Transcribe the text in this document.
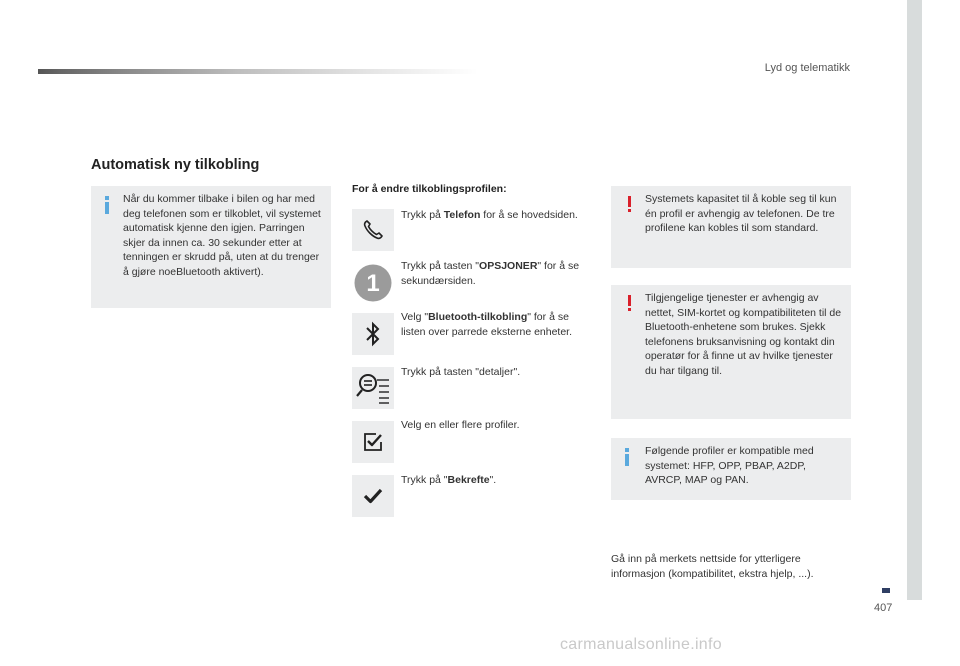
Lyd og telematikk
Automatisk ny tilkobling

Når du kommer tilbake i bilen og har med deg telefonen som er tilkoblet, vil systemet automatisk kjenne den igjen. Parringen skjer da innen ca. 30 sekunder etter at tenningen er skrudd på, uten at du trenger å gjøre noeBluetooth aktivert).

For å endre tilkoblingsprofilen:
Trykk på Telefon for å se hovedsiden.
1
Trykk på tasten "OPSJONER" for å se sekundærsiden.
Velg "Bluetooth-tilkobling" for å se listen over parrede eksterne enheter.
Trykk på tasten "detaljer".
Velg en eller flere profiler.
Trykk på "Bekrefte".

Systemets kapasitet til å koble seg til kun én profil er avhengig av telefonen. De tre profilene kan kobles til som standard.

Tilgjengelige tjenester er avhengig av nettet, SIM-kortet og kompatibiliteten til de Bluetooth-enhetene som brukes. Sjekk telefonens bruksanvisning og kontakt din operatør for å finne ut av hvilke tjenester du har tilgang til.

Følgende profiler er kompatible med systemet: HFP, OPP, PBAP, A2DP, AVRCP, MAP og PAN.

Gå inn på merkets nettside for ytterligere informasjon (kompatibilitet, ekstra hjelp, ...).
407
carmanualsonline.info
